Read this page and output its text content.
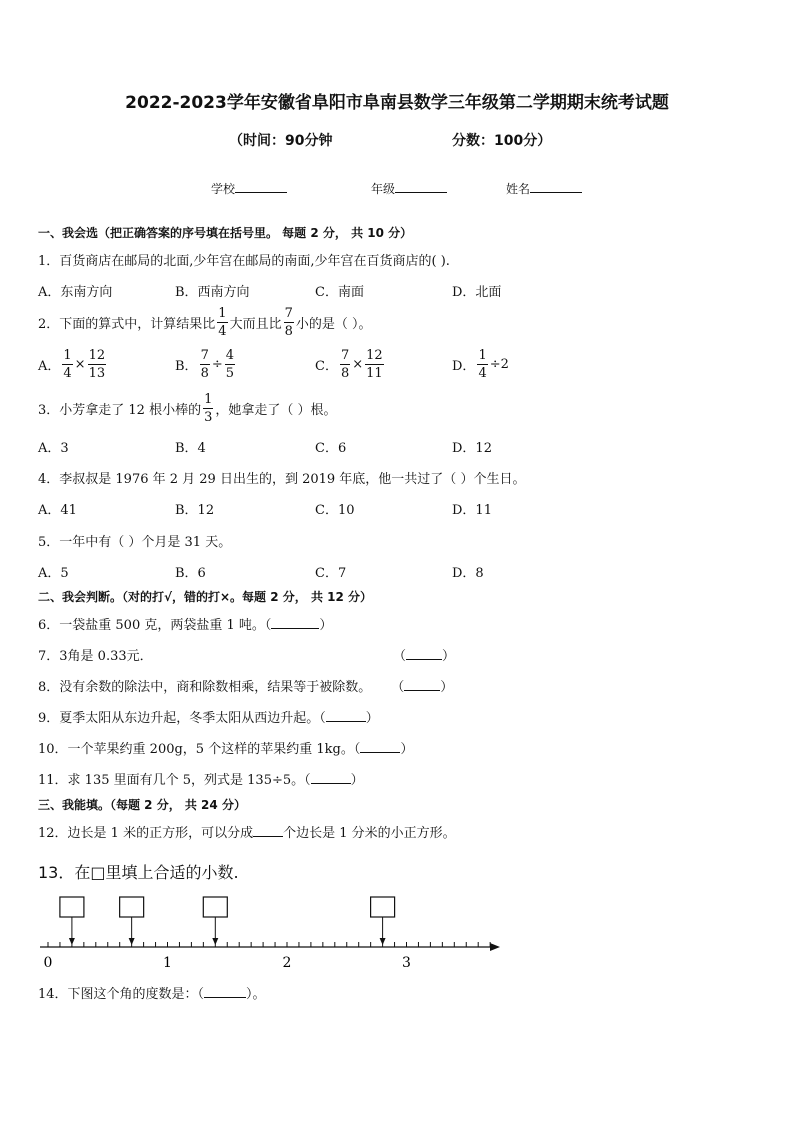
2022-2023学年安徽省阜阳市阜南县数学三年级第二学期期末统考试题
（时间：90分钟	分数：100分）
学校	年级	姓名
一、我会选（把正确答案的序号填在括号里。 每题 2 分， 共 10 分）
1．百货商店在邮局的北面,少年宫在邮局的南面,少年宫在百货商店的( ).
A．东南方向	B．西南方向	C．南面	D．北面
2．下面的算式中，计算结果比 $\frac{1}{4}$ 大而且比 $\frac{7}{8}$ 小的是（ ）。
A． $\frac{1}{4} \times \frac{12}{13}$	B． $\frac{7}{8} \div \frac{4}{5}$	C． $\frac{7}{8} \times \frac{12}{11}$	D． $\frac{1}{4} \div 2$
3．小芳拿走了 12 根小棒的 $\frac{1}{3}$ ，她拿走了（ ）根。
A．3	B．4	C．6	D．12
4．李叔叔是 1976 年 2 月 29 日出生的，到 2019 年底，他一共过了（ ）个生日。
A．41	B．12	C．10	D．11
5．一年中有（ ）个月是 31 天。
A．5	B．6	C．7	D．8
二、我会判断。（对的打√，错的打×。每题 2 分， 共 12 分）
6．一袋盐重 500 克，两袋盐重 1 吨。（	）
7．3角是 0.33元．	（	）
8．没有余数的除法中，商和除数相乘，结果等于被除数。 （	）
9．夏季太阳从东边升起，冬季太阳从西边升起。（	）
10．一个苹果约重 200g，5 个这样的苹果约重 1kg。（	）
11．求 135 里面有几个 5，列式是 135÷5。（	）
三、我能填。（每题 2 分， 共 24 分）
12．边长是 1 米的正方形，可以分成 个边长是 1 分米的小正方形。
13．在□里填上合适的小数.
0	1	2	3
14．下图这个角的度数是：（	）。
